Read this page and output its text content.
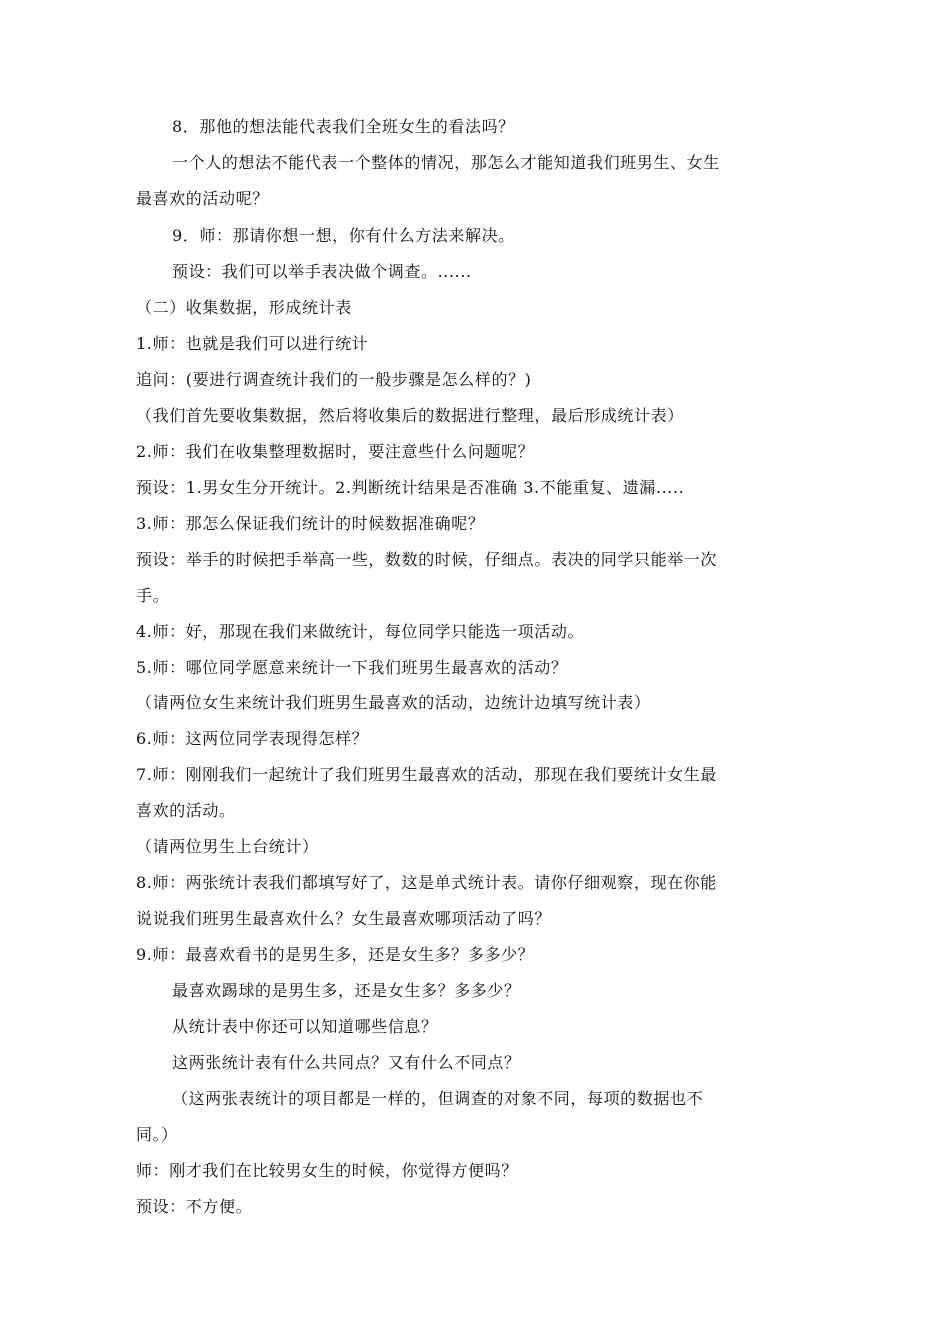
8．那他的想法能代表我们全班女生的看法吗？
一个人的想法不能代表一个整体的情况，那怎么才能知道我们班男生、女生
最喜欢的活动呢？
9．师：那请你想一想，你有什么方法来解决。
预设：我们可以举手表决做个调查。......
（二）收集数据，形成统计表
1.师：也就是我们可以进行统计
追问：(要进行调查统计我们的一般步骤是怎么样的？)
（我们首先要收集数据，然后将收集后的数据进行整理，最后形成统计表）
2.师：我们在收集整理数据时，要注意些什么问题呢？
预设：1.男女生分开统计。2.判断统计结果是否准确 3.不能重复、遗漏.....
3.师：那怎么保证我们统计的时候数据准确呢？
预设：举手的时候把手举高一些，数数的时候，仔细点。表决的同学只能举一次
手。
4.师：好，那现在我们来做统计，每位同学只能选一项活动。
5.师：哪位同学愿意来统计一下我们班男生最喜欢的活动？
（请两位女生来统计我们班男生最喜欢的活动，边统计边填写统计表）
6.师：这两位同学表现得怎样？
7.师：刚刚我们一起统计了我们班男生最喜欢的活动，那现在我们要统计女生最
喜欢的活动。
（请两位男生上台统计）
8.师：两张统计表我们都填写好了，这是单式统计表。请你仔细观察，现在你能
说说我们班男生最喜欢什么？女生最喜欢哪项活动了吗？
9.师：最喜欢看书的是男生多，还是女生多？多多少？
最喜欢踢球的是男生多，还是女生多？多多少？
从统计表中你还可以知道哪些信息？
这两张统计表有什么共同点？又有什么不同点？
（这两张表统计的项目都是一样的，但调查的对象不同，每项的数据也不
同。）
师：刚才我们在比较男女生的时候，你觉得方便吗？
预设：不方便。
